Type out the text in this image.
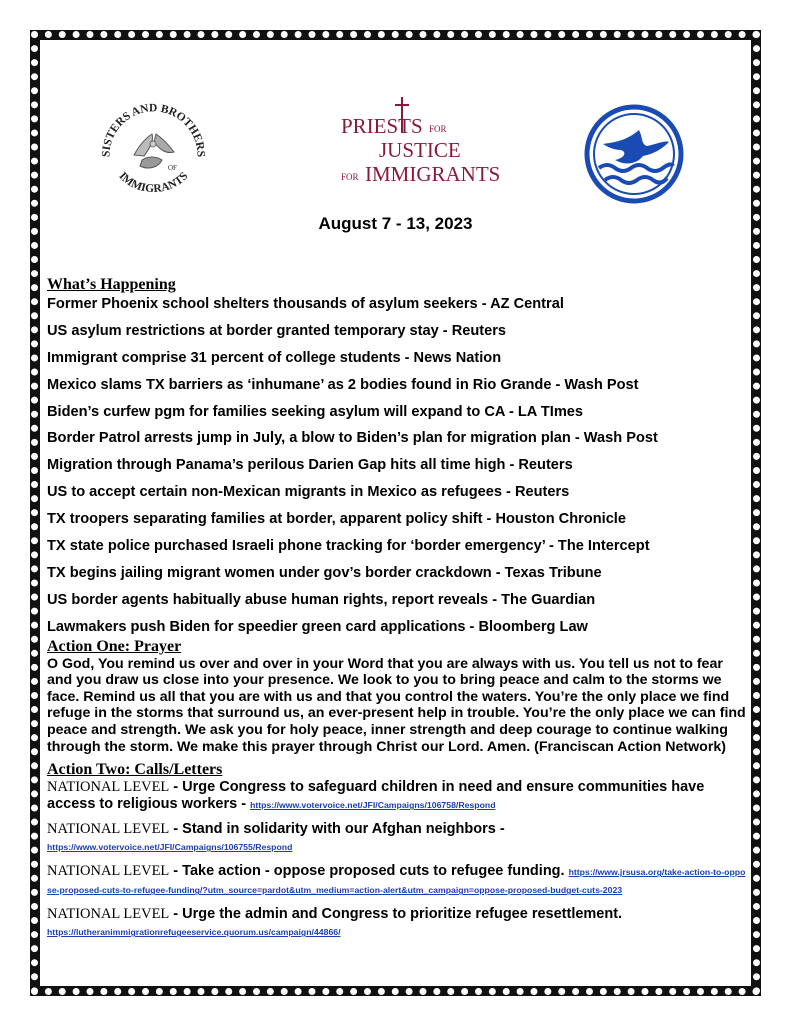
SISTERS AND BROTHERS
IMMIGRANTS
OF
PRIESTS FOR
JUSTICE
FOR IMMIGRANTS
August 7 - 13, 2023
What’s Happening

Former Phoenix school shelters thousands of asylum seekers - AZ Central

US asylum restrictions at border granted temporary stay - Reuters

Immigrant comprise 31 percent of college students - News Nation

Mexico slams TX barriers as ‘inhumane’ as 2 bodies found in Rio Grande - Wash Post

Biden’s curfew pgm for families seeking asylum will expand to CA - LA TImes

Border Patrol arrests jump in July, a blow to Biden’s plan for migration plan - Wash Post

Migration through Panama’s perilous Darien Gap hits all time high - Reuters

US to accept certain non-Mexican migrants in Mexico as refugees - Reuters

TX troopers separating families at border, apparent policy shift - Houston Chronicle

TX state police purchased Israeli phone tracking for ‘border emergency’ - The Intercept

TX begins jailing migrant women under gov’s border crackdown - Texas Tribune

US border agents habitually abuse human rights, report reveals - The Guardian

Lawmakers push Biden for speedier green card applications - Bloomberg Law

Action One: Prayer

O God, You remind us over and over in your Word that you are always with us. You tell us not to fear and you draw us close into your presence. We look to you to bring peace and calm to the storms we face. Remind us all that you are with us and that you control the waters. You’re the only place we find refuge in the storms that surround us, an ever-present help in trouble. You’re the only place we can find peace and strength. We ask you for holy peace, inner strength and deep courage to continue walking through the storm. We make this prayer through Christ our Lord. Amen. (Franciscan Action Network)

Action Two: Calls/Letters

NATIONAL LEVEL - Urge Congress to safeguard children in need and ensure communities have access to religious workers - https://www.votervoice.net/JFI/Campaigns/106758/Respond

NATIONAL LEVEL - Stand in solidarity with our Afghan neighbors - https://www.votervoice.net/JFI/Campaigns/106755/Respond

NATIONAL LEVEL - Take action - oppose proposed cuts to refugee funding. https://www.jrsusa.org/take-action-to-oppose-proposed-cuts-to-refugee-funding/?utm_source=pardot&utm_medium=action-alert&utm_campaign=oppose-proposed-budget-cuts-2023

NATIONAL LEVEL - Urge the admin and Congress to prioritize refugee resettlement.
https://lutheranimmigrationrefugeeservice.quorum.us/campaign/44866/
